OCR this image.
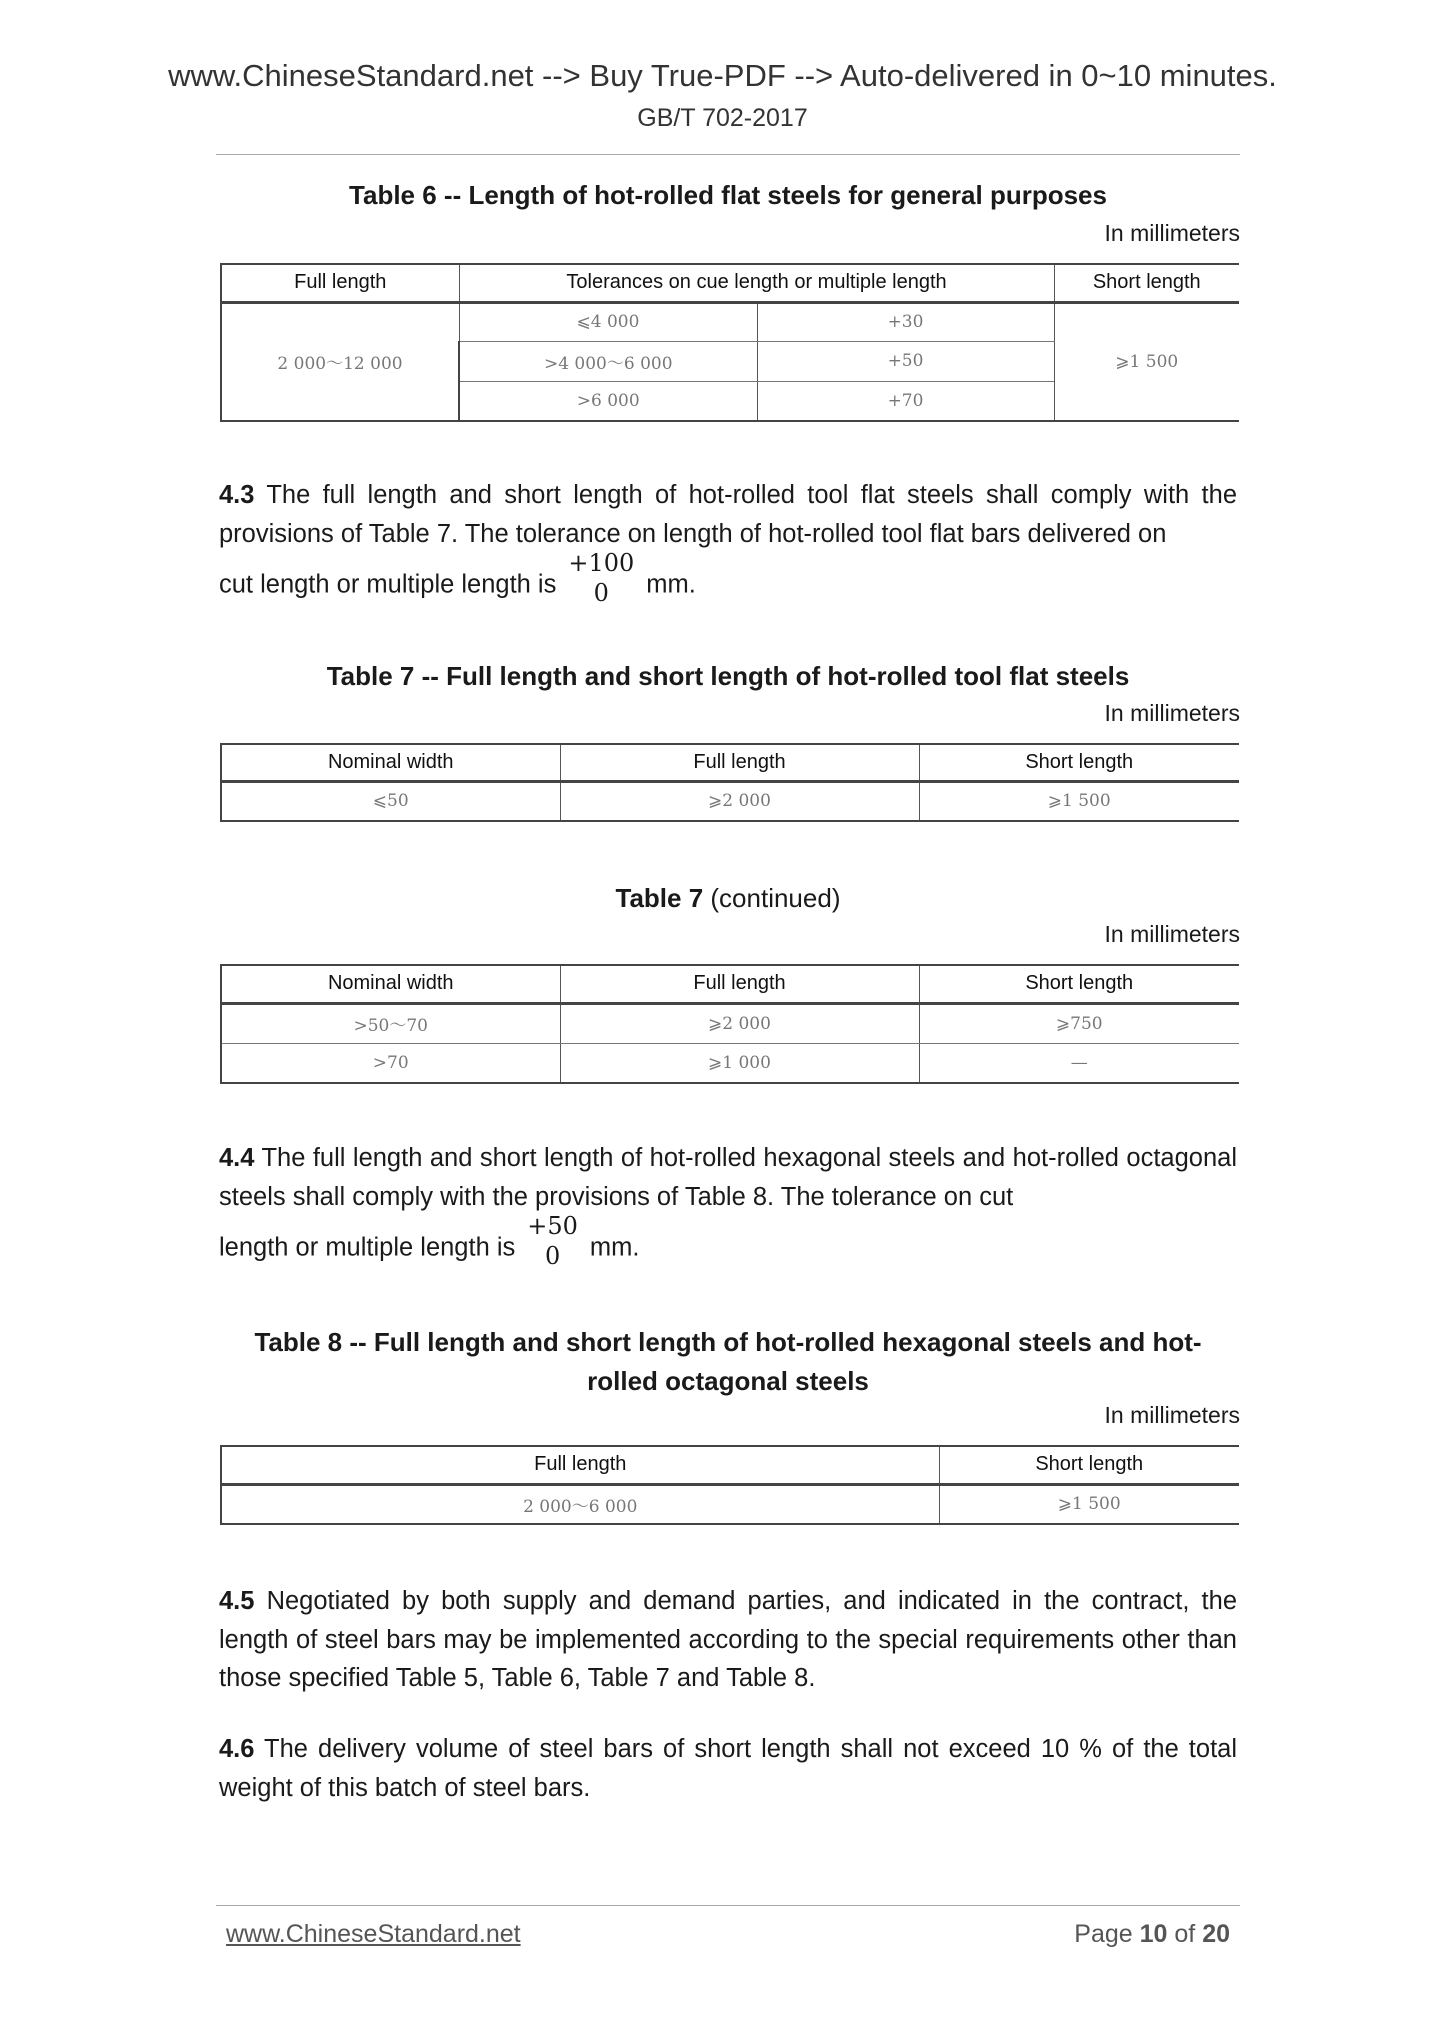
www.ChineseStandard.net --> Buy True-PDF --> Auto-delivered in 0~10 minutes.
GB/T 702-2017
Table 6 -- Length of hot-rolled flat steels for general purposes
In millimeters
Full length	Tolerances on cue length or multiple length		Short length
2 000〜12 000	⩽4 000	+30	⩾1 500
	>4 000〜6 000	+50	
	>6 000	+70	
4.3 The full length and short length of hot-rolled tool flat steels shall comply with the provisions of Table 7. The tolerance on length of hot-rolled tool flat bars delivered on
cut length or multiple length is
+100
0	mm.
Table 7 -- Full length and short length of hot-rolled tool flat steels
In millimeters
Nominal width	Full length	Short length
⩽50	⩾2 000	⩾1 500
Table 7 (continued)
In millimeters
Nominal width	Full length	Short length
>50〜70	⩾2 000	⩾750
>70	⩾1 000	—
4.4 The full length and short length of hot-rolled hexagonal steels and hot-rolled octagonal steels shall comply with the provisions of Table 8. The tolerance on cut
length or multiple length is
+50
0	mm.
Table 8 -- Full length and short length of hot-rolled hexagonal steels and hot-
rolled octagonal steels
In millimeters
Full length	Short length
2 000〜6 000	⩾1 500
4.5 Negotiated by both supply and demand parties, and indicated in the contract, the length of steel bars may be implemented according to the special requirements other than those specified Table 5, Table 6, Table 7 and Table 8.
4.6 The delivery volume of steel bars of short length shall not exceed 10 % of the total weight of this batch of steel bars.
www.ChineseStandard.net	Page 10 of 20
